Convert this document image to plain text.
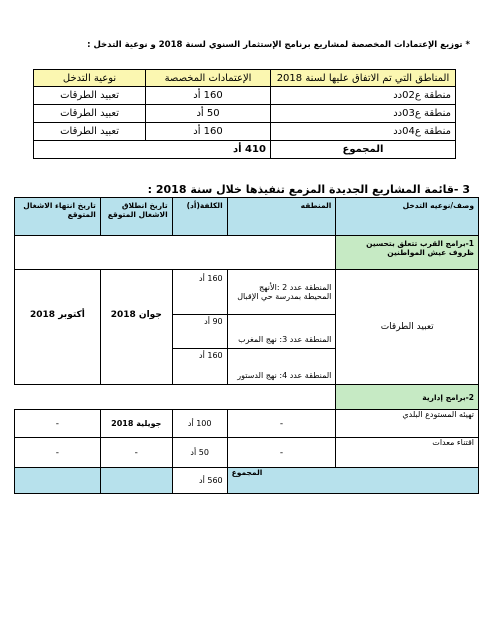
* توزيع الإعتمادات المخصصة لمشاريع برنامج الإستثمار السنوي لسنة 2018 و نوعية التدخل :
المناطق التي تم الاتفاق عليها لسنة 2018	الإعتمادات المخصصة	نوعية التدخل
منطقة ع02دد	160 أد	تعبيد الطرقات
منطقة ع03دد	50 أد	تعبيد الطرقات
منطقة ع04دد	160 أد	تعبيد الطرقات
المجموع	410 أد	
3 -قائمة المشاريع الجديدة المزمع تنفيذها خلال سنة 2018 :
وصف/نوعيه التدخل	المنطقه	الكلفة(أد)	تاريخ انطلاق الاشغال المتوقع	تاريخ انتهاء الاشغال المتوقع
1-برامج القرب تتعلق بتحسين ظروف عيش المواطنين				
تعبيد الطرقات	المنطقة عدد 2 :الأنهج المحيطة بمدرسة حي الإقبال	160 أد	جوان 2018	أكتوبر 2018
	المنطقة عدد 3: نهج المغرب	90 أد		
	المنطقة عدد 4: نهج الدستور	160 أد		
2-برامج إدارية				
تهيئه المستودع البلدي	-	100 أد	جويلية 2018	-
اقتناء معدات	-	50 أد	-	-
المجموع		560 أد		
